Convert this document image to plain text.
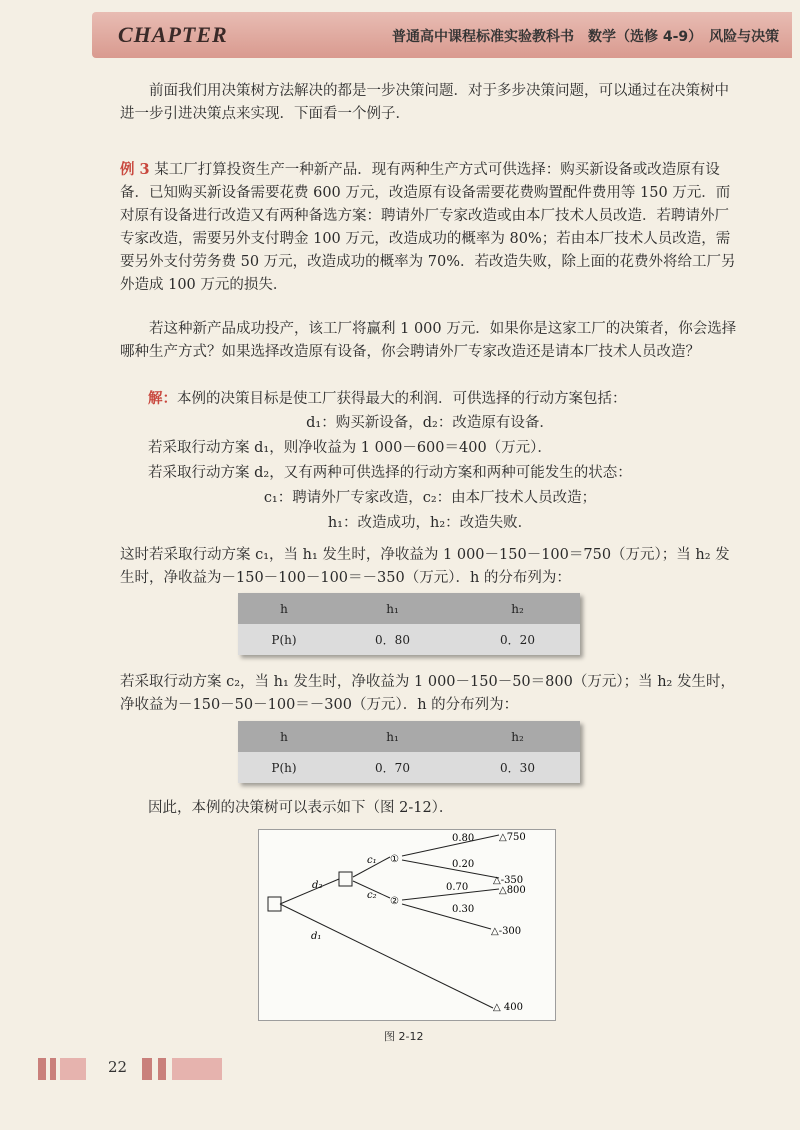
CHAPTER	普通高中课程标准实验教科书　数学（选修 4-9）　风险与决策

前面我们用决策树方法解决的都是一步决策问题．对于多步决策问题，可以通过在决策树中进一步引进决策点来实现．下面看一个例子．

例 3 某工厂打算投资生产一种新产品．现有两种生产方式可供选择：购买新设备或改造原有设备．已知购买新设备需要花费 600 万元，改造原有设备需要花费购置配件费用等 150 万元．而对原有设备进行改造又有两种备选方案：聘请外厂专家改造或由本厂技术人员改造．若聘请外厂专家改造，需要另外支付聘金 100 万元，改造成功的概率为 80%；若由本厂技术人员改造，需要另外支付劳务费 50 万元，改造成功的概率为 70%．若改造失败，除上面的花费外将给工厂另外造成 100 万元的损失．

若这种新产品成功投产，该工厂将赢利 1 000 万元．如果你是这家工厂的决策者，你会选择哪种生产方式？如果选择改造原有设备，你会聘请外厂专家改造还是请本厂技术人员改造？

解：本例的决策目标是使工厂获得最大的利润．可供选择的行动方案包括：

d₁：购买新设备，d₂：改造原有设备．

若采取行动方案 d₁，则净收益为 1 000－600＝400（万元）．

若采取行动方案 d₂，又有两种可供选择的行动方案和两种可能发生的状态：

c₁：聘请外厂专家改造，c₂：由本厂技术人员改造；

h₁：改造成功，h₂：改造失败．

这时若采取行动方案 c₁，当 h₁ 发生时，净收益为 1 000－150－100＝750（万元）；当 h₂ 发生时，净收益为－150－100－100＝－350（万元）．h 的分布列为：

h	h₁	h₂
P(h)	0．80	0．20

若采取行动方案 c₂，当 h₁ 发生时，净收益为 1 000－150－50＝800（万元）；当 h₂ 发生时，净收益为－150－50－100＝－300（万元）．h 的分布列为：

h	h₁	h₂
P(h)	0．70	0．30

因此，本例的决策树可以表示如下（图 2-12）．

①
②
d₂
d₁
c₁
c₂
0.80
0.20
0.70
0.30
△750
△-350
△800
△-300
△ 400
图 2-12
22
